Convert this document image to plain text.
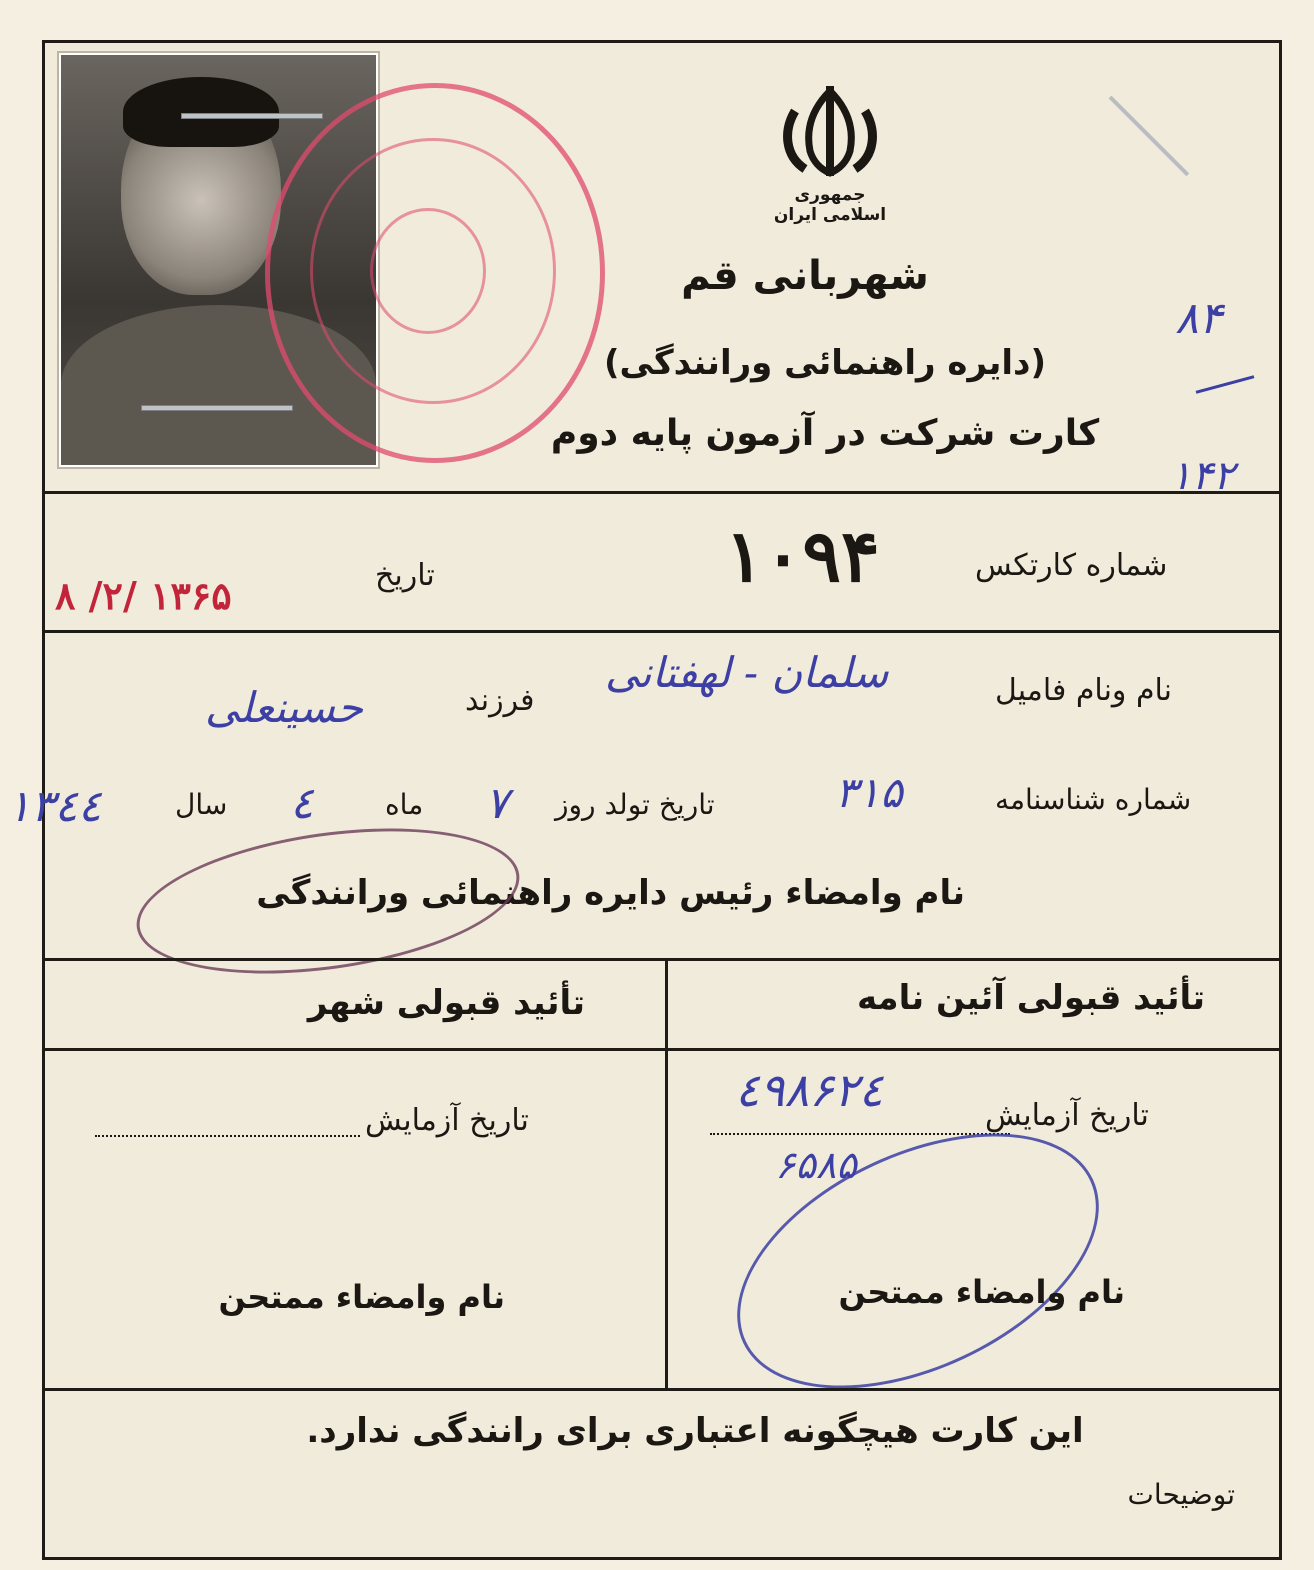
جمهوری اسلامی ایران
شهربانی قم
(دایره راهنمائی ورانندگی)
کارت شرکت در آزمون پایه دوم
۸۴
۱۴۲
شماره کارتکس
۱۰۹۴
تاریخ
۱۳۶۵ /۲/ ۸
نام ونام فامیل
سلمان - لهفتانی
فرزند
حسینعلی
شماره شناسنامه
۳۱۵
تاریخ تولد روز
۷
ماه
٤
سال
۱۳٤٤
نام وامضاء رئیس دایره راهنمائی ورانندگی
تأئید قبولی آئین نامه
تأئید قبولی شهر
تاریخ آزمایش
٤۹۸۶۲٤
۶۵۸۵
نام وامضاء ممتحن
تاریخ آزمایش
نام وامضاء ممتحن
این کارت هیچگونه اعتباری برای رانندگی ندارد.
توضیحات
